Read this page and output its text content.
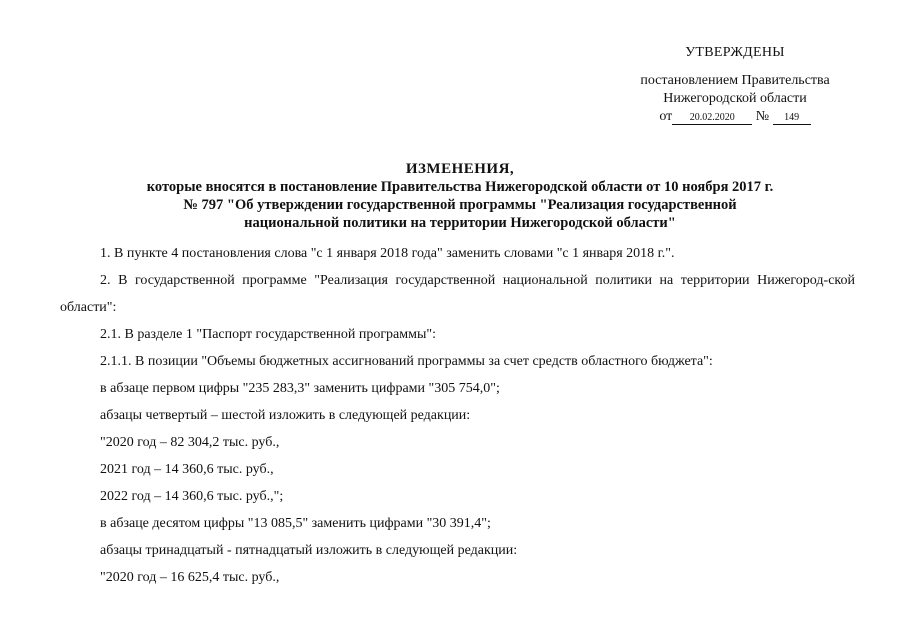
УТВЕРЖДЕНЫ
постановлением Правительства
Нижегородской области
от 20.02.2020 № 149
ИЗМЕНЕНИЯ,
которые вносятся в постановление Правительства Нижегородской области от 10 ноября 2017 г.
№ 797 "Об утверждении государственной программы "Реализация государственной
национальной политики на территории Нижегородской области"

1. В пункте 4 постановления слова "с 1 января 2018 года" заменить словами "с 1 января 2018 г.".

2. В государственной программе "Реализация государственной национальной политики на территории Нижегород-ской области":

2.1. В разделе 1 "Паспорт государственной программы":

2.1.1. В позиции "Объемы бюджетных ассигнований программы за счет средств областного бюджета":

в абзаце первом цифры "235 283,3" заменить цифрами "305 754,0";

абзацы четвертый – шестой изложить в следующей редакции:

"2020 год – 82 304,2 тыс. руб.,

2021 год – 14 360,6 тыс. руб.,

2022 год – 14 360,6 тыс. руб.,";

в абзаце десятом цифры "13 085,5" заменить цифрами "30 391,4";

абзацы тринадцатый - пятнадцатый изложить в следующей редакции:

"2020 год – 16 625,4 тыс. руб.,
